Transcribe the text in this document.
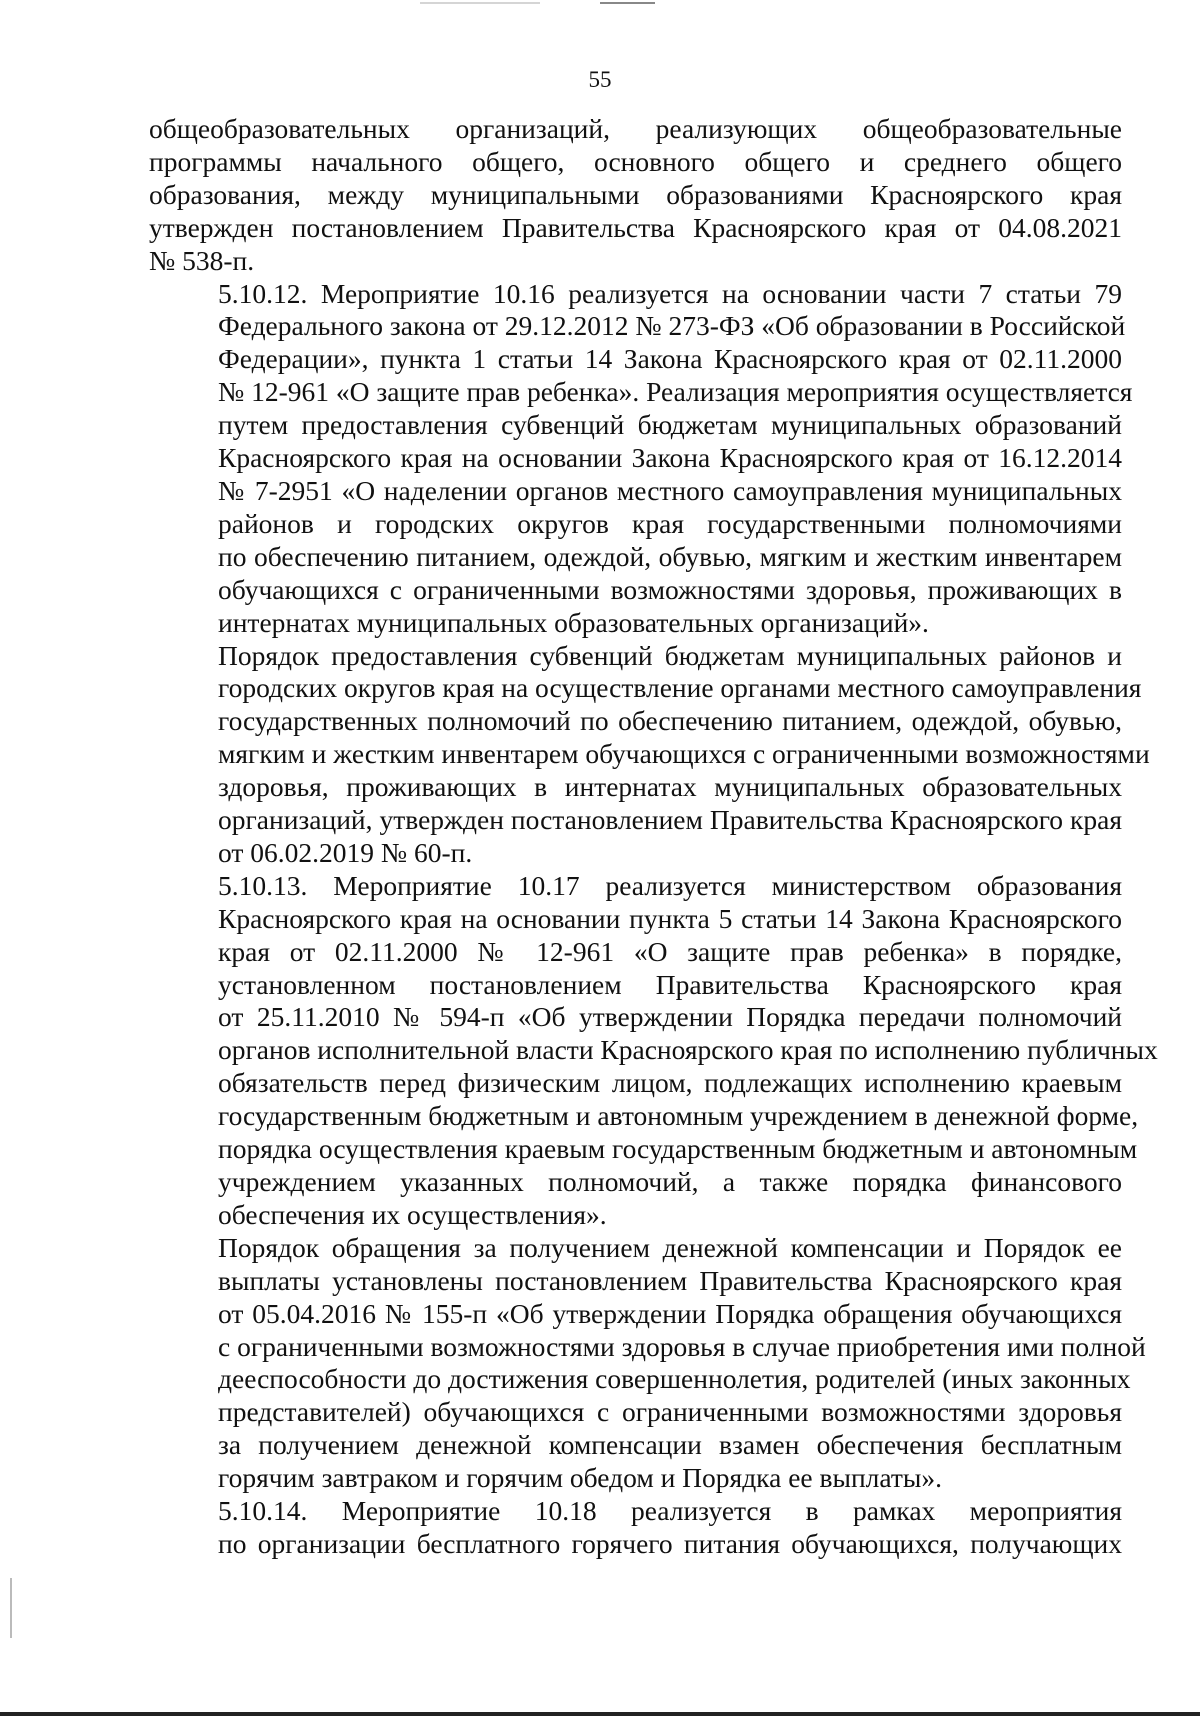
55

общеобразовательных организаций, реализующих общеобразовательные
программы начального общего, основного общего и среднего общего
образования, между муниципальными образованиями Красноярского края
утвержден постановлением Правительства Красноярского края от 04.08.2021
№ 538-п.

5.10.12. Мероприятие 10.16 реализуется на основании части 7 статьи 79
Федерального закона от 29.12.2012 № 273-ФЗ «Об образовании в Российской
Федерации», пункта 1 статьи 14 Закона Красноярского края от 02.11.2000
№ 12-961 «О защите прав ребенка». Реализация мероприятия осуществляется
путем предоставления субвенций бюджетам муниципальных образований
Красноярского края на основании Закона Красноярского края от 16.12.2014
№ 7-2951 «О наделении органов местного самоуправления муниципальных
районов и городских округов края государственными полномочиями
по обеспечению питанием, одеждой, обувью, мягким и жестким инвентарем
обучающихся с ограниченными возможностями здоровья, проживающих в
интернатах муниципальных образовательных организаций».

Порядок предоставления субвенций бюджетам муниципальных районов и
городских округов края на осуществление органами местного самоуправления
государственных полномочий по обеспечению питанием, одеждой, обувью,
мягким и жестким инвентарем обучающихся с ограниченными возможностями
здоровья, проживающих в интернатах муниципальных образовательных
организаций, утвержден постановлением Правительства Красноярского края
от 06.02.2019 № 60-п.

5.10.13. Мероприятие 10.17 реализуется министерством образования
Красноярского края на основании пункта 5 статьи 14 Закона Красноярского
края от 02.11.2000 № 12-961 «О защите прав ребенка» в порядке,
установленном постановлением Правительства Красноярского края
от 25.11.2010 № 594-п «Об утверждении Порядка передачи полномочий
органов исполнительной власти Красноярского края по исполнению публичных
обязательств перед физическим лицом, подлежащих исполнению краевым
государственным бюджетным и автономным учреждением в денежной форме,
порядка осуществления краевым государственным бюджетным и автономным
учреждением указанных полномочий, а также порядка финансового
обеспечения их осуществления».

Порядок обращения за получением денежной компенсации и Порядок ее
выплаты установлены постановлением Правительства Красноярского края
от 05.04.2016 № 155-п «Об утверждении Порядка обращения обучающихся
с ограниченными возможностями здоровья в случае приобретения ими полной
дееспособности до достижения совершеннолетия, родителей (иных законных
представителей) обучающихся с ограниченными возможностями здоровья
за получением денежной компенсации взамен обеспечения бесплатным
горячим завтраком и горячим обедом и Порядка ее выплаты».

5.10.14. Мероприятие 10.18 реализуется в рамках мероприятия
по организации бесплатного горячего питания обучающихся, получающих
